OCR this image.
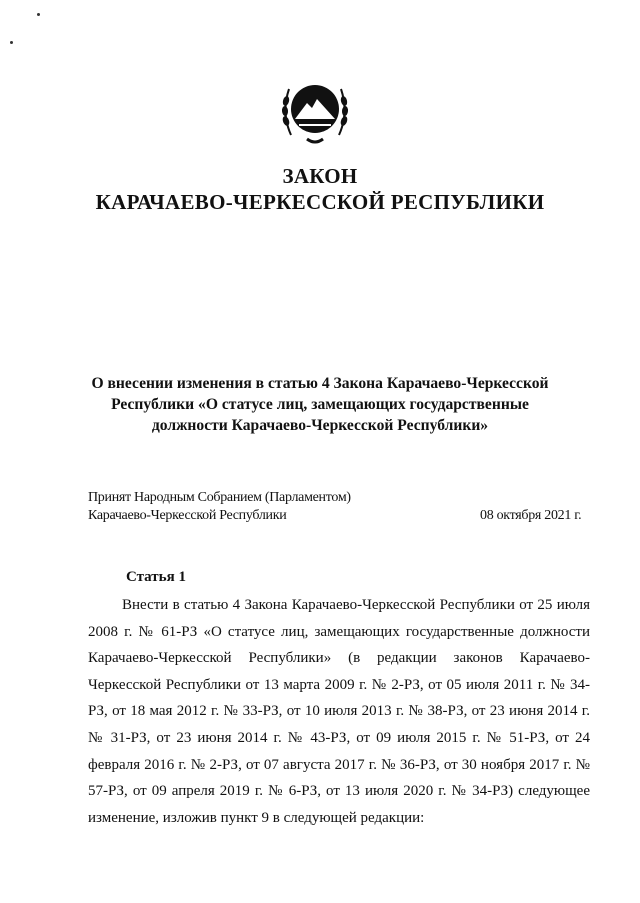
ЗАКОН
КАРАЧАЕВО-ЧЕРКЕССКОЙ РЕСПУБЛИКИ
О внесении изменения в статью 4 Закона Карачаево-Черкесской
Республики «О статусе лиц, замещающих государственные
должности Карачаево-Черкесской Республики»
Принят Народным Собранием (Парламентом)
Карачаево-Черкесской Республики	08 октября 2021 г.
Статья 1

Внести в статью 4 Закона Карачаево-Черкесской Республики от 25 июля 2008 г. № 61-РЗ «О статусе лиц, замещающих государственные должности Карачаево-Черкесской Республики» (в редакции законов Карачаево-Черкесской Республики от 13 марта 2009 г. № 2-РЗ, от 05 июля 2011 г. № 34-РЗ, от 18 мая 2012 г. № 33-РЗ, от 10 июля 2013 г. № 38-РЗ, от 23 июня 2014 г. № 31-РЗ, от 23 июня 2014 г. № 43-РЗ, от 09 июля 2015 г. № 51-РЗ, от 24 февраля 2016 г. № 2-РЗ, от 07 августа 2017 г. № 36-РЗ, от 30 ноября 2017 г. № 57-РЗ, от 09 апреля 2019 г. № 6-РЗ, от 13 июля 2020 г. № 34-РЗ) следующее изменение, изложив пункт 9 в следующей редакции:
